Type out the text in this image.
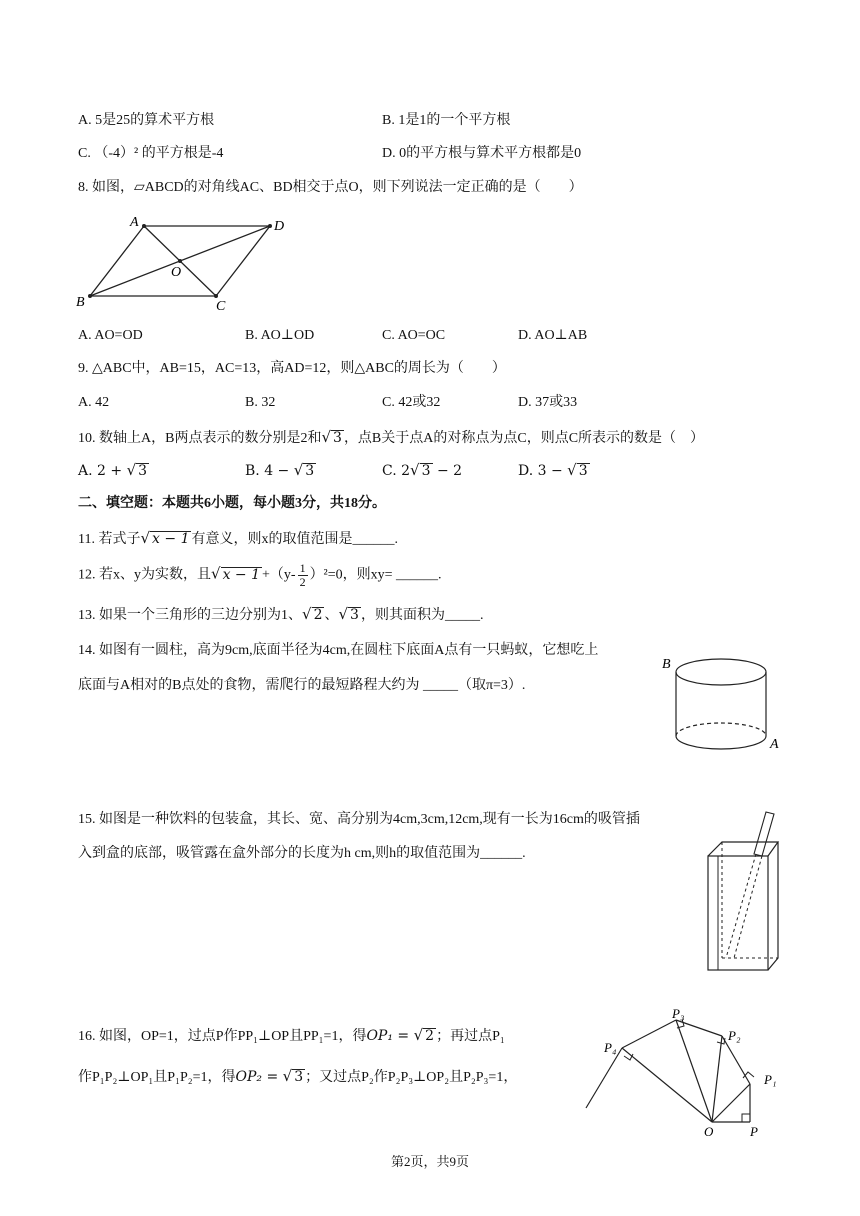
A. 5是25的算术平方根	B. 1是1的一个平方根
C. （-4）² 的平方根是-4	D. 0的平方根与算术平方根都是0
8. 如图，▱ABCD的对角线AC、BD相交于点O，则下列说法一定正确的是（　　）
A	D
O
B	C
A. AO=OD	B. AO⊥OD	C. AO=OC	D. AO⊥AB
9. △ABC中，AB=15，AC=13，高AD=12，则△ABC的周长为（　　）
A. 42	B. 32	C. 42或32	D. 37或33
10. 数轴上A，B两点表示的数分别是2和√ 3 ，点B关于点A的对称点为点C，则点C所表示的数是（　）
A. 2 + √ 3	B. 4 − √ 3	C. 2√ 3 − 2	D. 3 − √ 3
二、填空题：本题共6小题，每小题3分，共18分。
11. 若式子√ x − 1 有意义，则x的取值范围是______.
12. 若x、y为实数，且√ $x - 1 +(y- \frac{1}{2} )^2=0$，则xy= ______.
13. 如果一个三角形的三边分别为1、√ 2 、√ 3 ，则其面积为_____.
14. 如图有一圆柱，高为9cm,底面半径为4cm,在圆柱下底面A点有一只蚂蚁，它想吃上
底面与A相对的B点处的食物，需爬行的最短路程大约为 _____（取π=3）.
B
A
15. 如图是一种饮料的包装盒，其长、宽、高分别为4cm,3cm,12cm,现有一长为16cm的吸管插
入到盒的底部，吸管露在盒外部分的长度为h cm,则h的取值范围为______.
16. 如图，OP=1，过点P作PP₁⊥OP且PP₁=1，得OP₁ = √ 2 ；再过点P₁
作P₁P₂⊥OP₁且P₁P₂=1，得OP₂ = √ 3 ；又过点P₂作P₂P₃⊥OP₂且P₂P₃=1，
P₃
P₂
P₄
P₁
O	P
第2页，共9页
